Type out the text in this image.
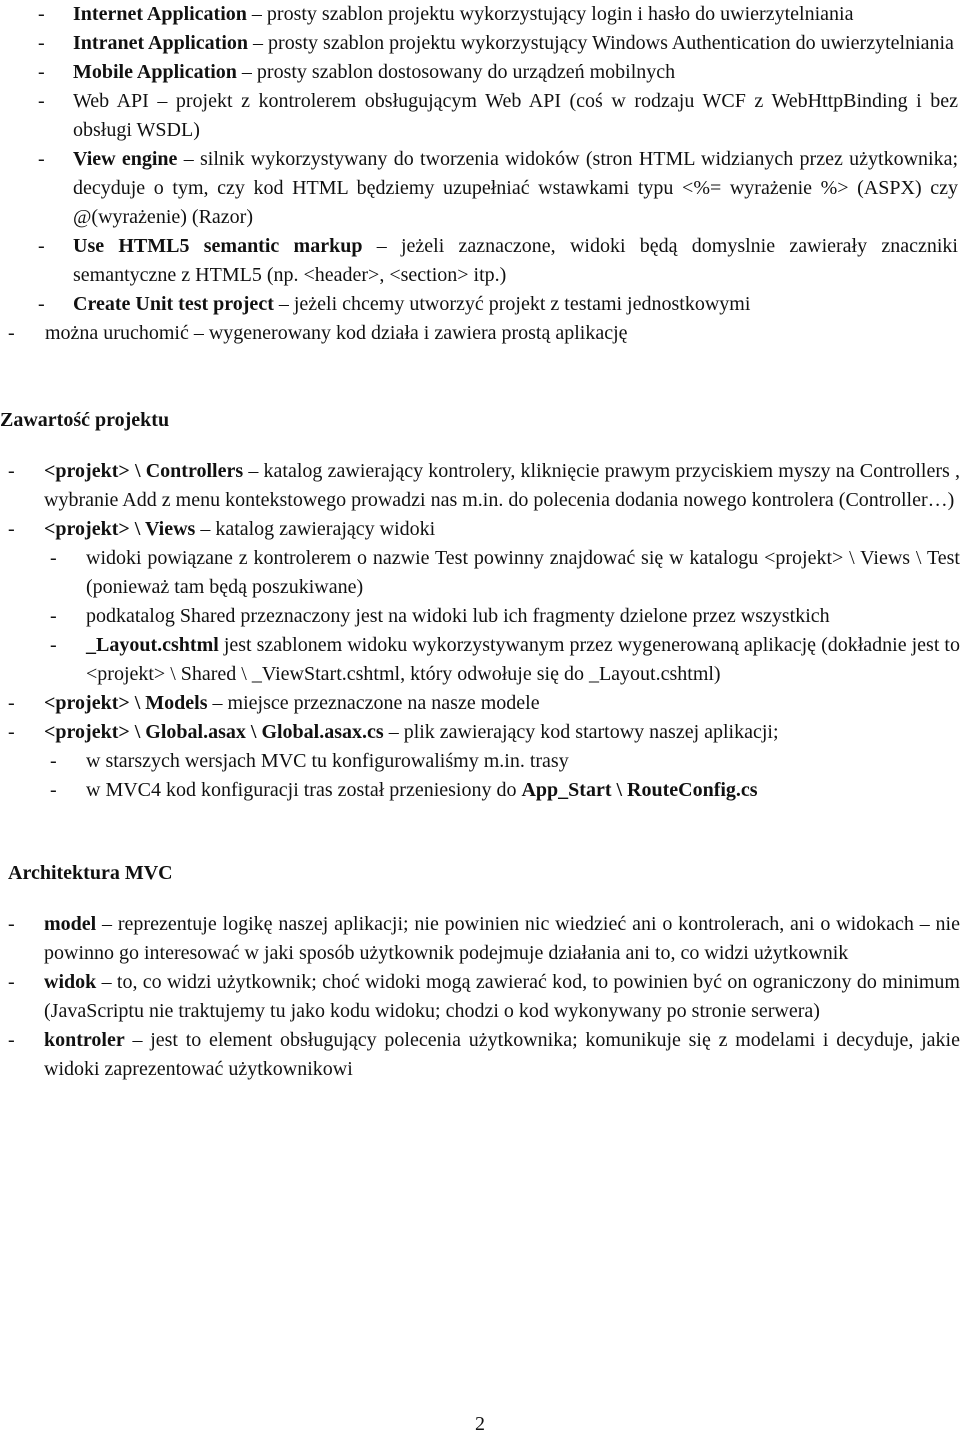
-	Internet Application – prosty szablon projektu wykorzystujący login i hasło do uwierzytelniania
-	Intranet Application – prosty szablon projektu wykorzystujący Windows Authentication do uwierzytelniania
-	Mobile Application – prosty szablon dostosowany do urządzeń mobilnych
-	Web API – projekt z kontrolerem obsługującym Web API (coś w rodzaju WCF z WebHttpBinding i bez obsługi WSDL)
-	View engine – silnik wykorzystywany do tworzenia widoków (stron HTML widzianych przez użytkownika; decyduje o tym, czy kod HTML będziemy uzupełniać wstawkami typu <%= wyrażenie %> (ASPX) czy @(wyrażenie) (Razor)
-	Use HTML5 semantic markup – jeżeli zaznaczone, widoki będą domyslnie zawierały znaczniki semantyczne z HTML5 (np. <header>, <section> itp.)
-	Create Unit test project – jeżeli chcemy utworzyć projekt z testami jednostkowymi
-	można uruchomić – wygenerowany kod działa i zawiera prostą aplikację

Zawartość projektu

-	<projekt> \ Controllers – katalog zawierający kontrolery, kliknięcie prawym przyciskiem myszy na Controllers , wybranie Add z menu kontekstowego prowadzi nas m.in. do polecenia dodania nowego kontrolera (Controller…)
-	<projekt> \ Views – katalog zawierający widoki
-	widoki powiązane z kontrolerem o nazwie Test powinny znajdować się w katalogu <projekt> \ Views \ Test (ponieważ tam będą poszukiwane)
-	podkatalog Shared przeznaczony jest na widoki lub ich fragmenty dzielone przez wszystkich
-	_Layout.cshtml jest szablonem widoku wykorzystywanym przez wygenerowaną aplikację (dokładnie jest to <projekt> \ Shared \ _ViewStart.cshtml, który odwołuje się do _Layout.cshtml)
-	<projekt> \ Models – miejsce przeznaczone na nasze modele
-	<projekt> \ Global.asax \ Global.asax.cs – plik zawierający kod startowy naszej aplikacji;
-	w starszych wersjach MVC tu konfigurowaliśmy m.in. trasy
-	w MVC4 kod konfiguracji tras został przeniesiony do App_Start \ RouteConfig.cs

Architektura MVC

-	model – reprezentuje logikę naszej aplikacji; nie powinien nic wiedzieć ani o kontrolerach, ani o widokach – nie powinno go interesować w jaki sposób użytkownik podejmuje działania ani to, co widzi użytkownik
-	widok – to, co widzi użytkownik; choć widoki mogą zawierać kod, to powinien być on ograniczony do minimum (JavaScriptu nie traktujemy tu jako kodu widoku; chodzi o kod wykonywany po stronie serwera)
-	kontroler – jest to element obsługujący polecenia użytkownika; komunikuje się z modelami i decyduje, jakie widoki zaprezentować użytkownikowi
2
